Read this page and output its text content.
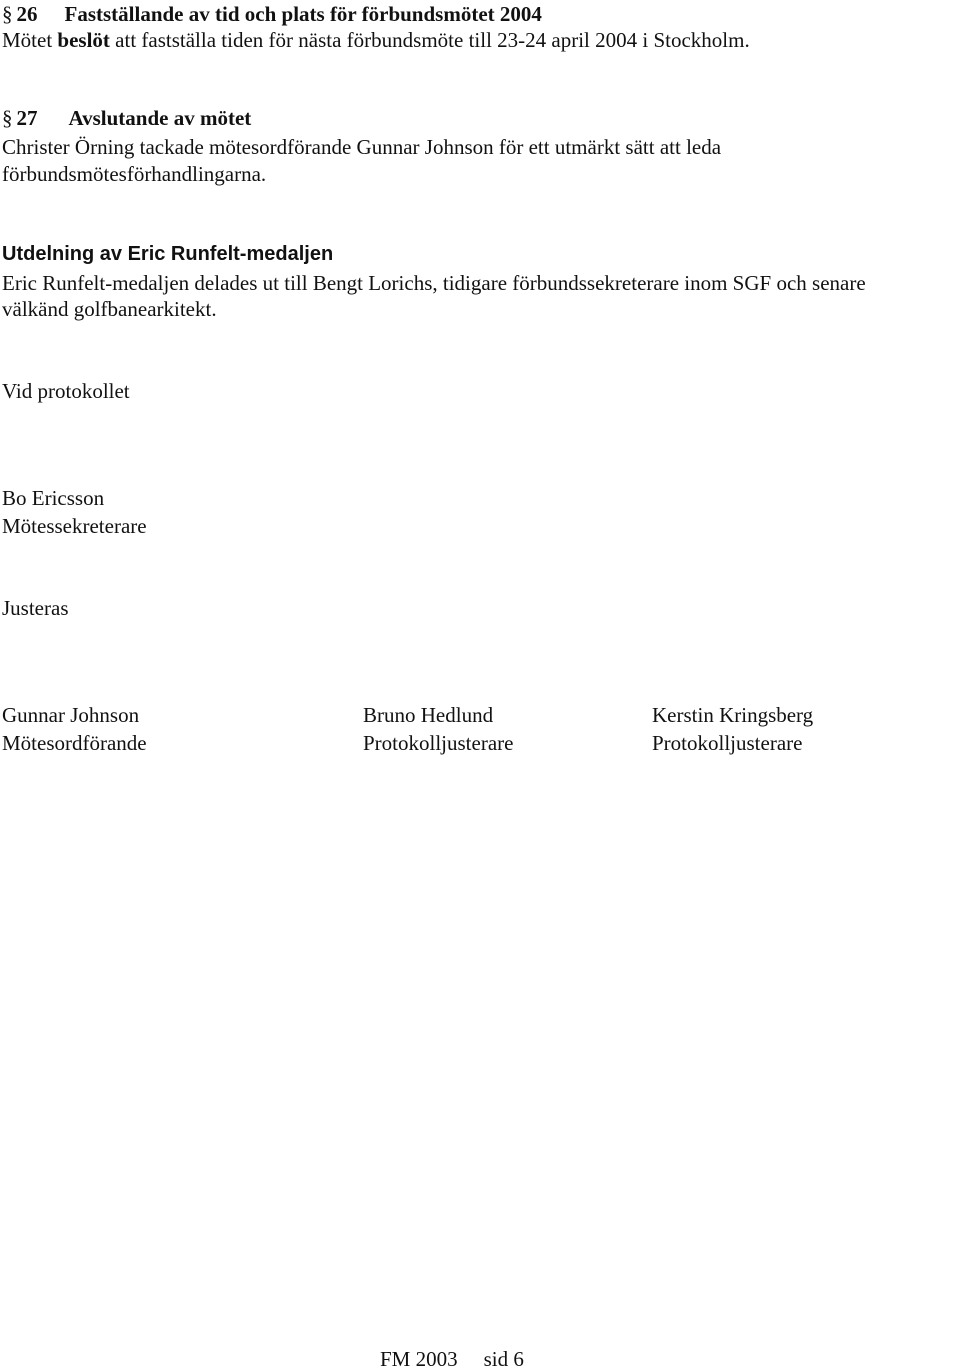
§ 26 Fastställande av tid och plats för förbundsmötet 2004
Mötet beslöt att fastställa tiden för nästa förbundsmöte till 23-24 april 2004 i Stockholm.
§ 27 Avslutande av mötet
Christer Örning tackade mötesordförande Gunnar Johnson för ett utmärkt sätt att leda
förbundsmötesförhandlingarna.
Utdelning av Eric Runfelt-medaljen
Eric Runfelt-medaljen delades ut till Bengt Lorichs, tidigare förbundssekreterare inom SGF och senare
välkänd golfbanearkitekt.
Vid protokollet
Bo Ericsson
Mötessekreterare
Justeras
Gunnar Johnson
Mötesordförande
Bruno Hedlund
Protokolljusterare
Kerstin Kringsberg
Protokolljusterare
FM 2003 sid 6
